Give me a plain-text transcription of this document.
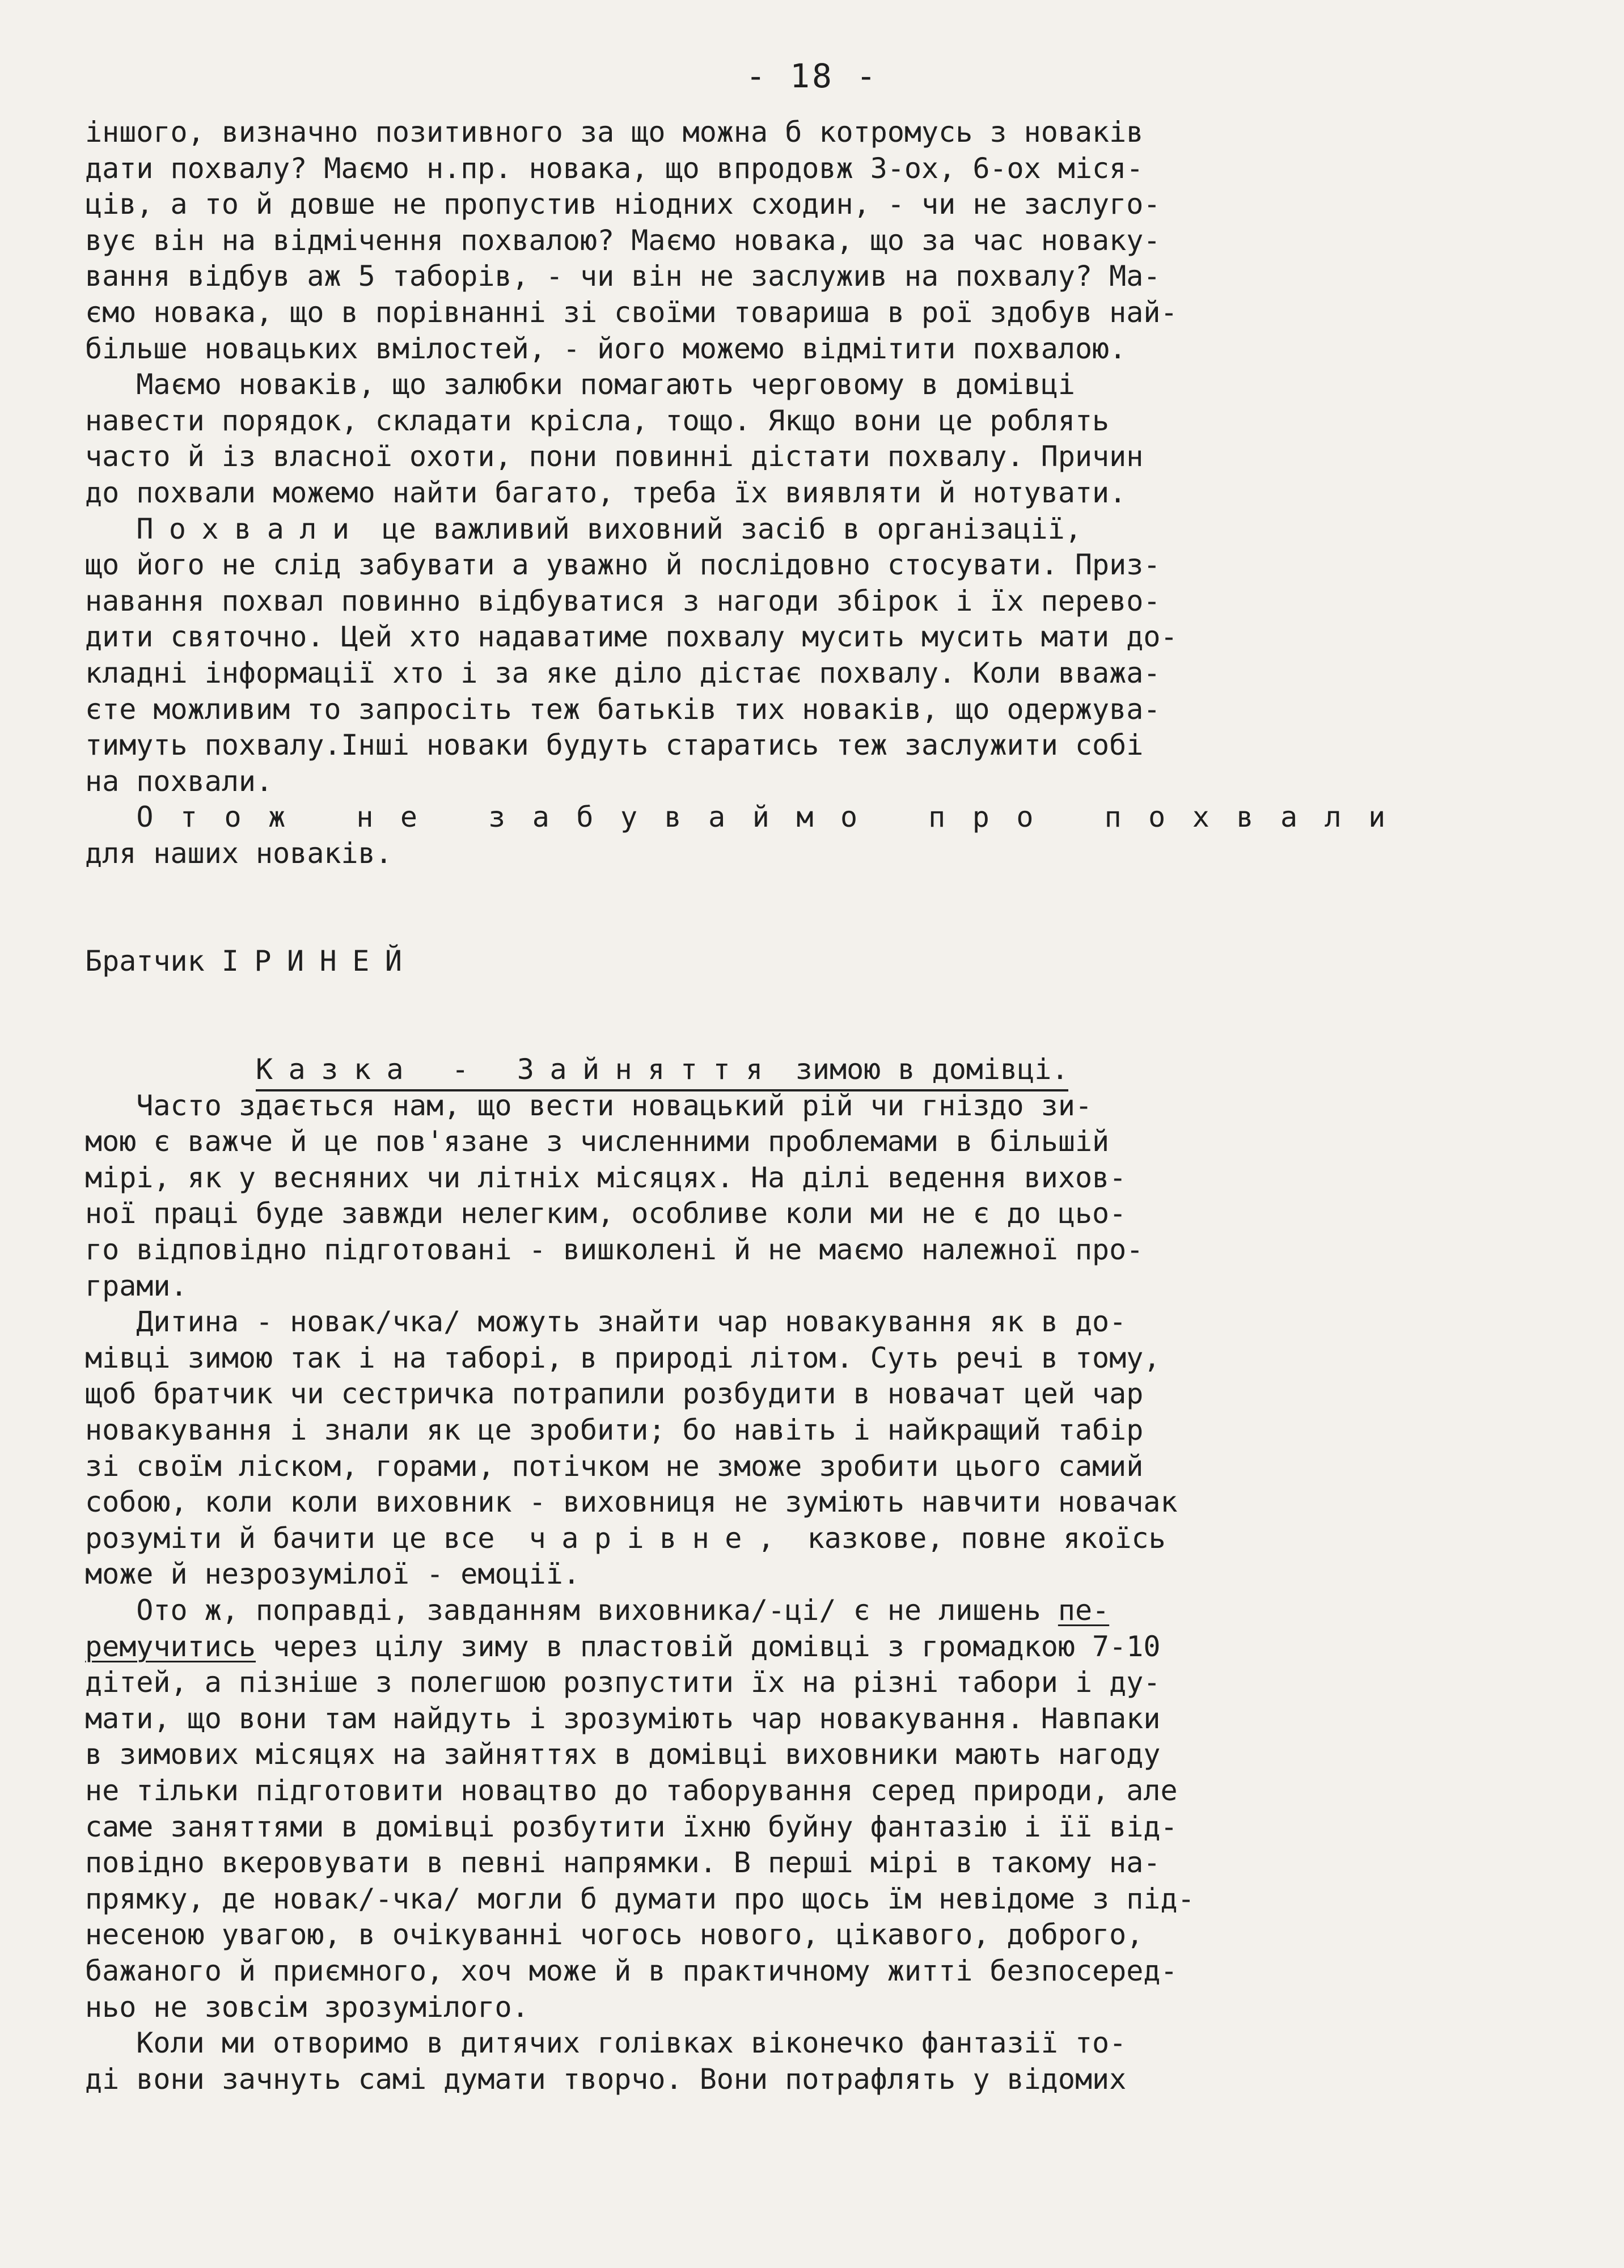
- 18 -
іншого, визначно позитивного за що можна б котромусь з новаків
дати похвалу? Маємо н.пр. новака, що впродовж 3-ох, 6-ох міся-
ців, а то й довше не пропустив ніодних сходин, - чи не заслуго-
вує він на відмічення похвалою? Маємо новака, що за час новаку-
вання відбув аж 5 таборів, - чи він не заслужив на похвалу? Ма-
ємо новака, що в порівнанні зі своїми товариша в рої здобув най-
більше новацьких вмілостей, - його можемо відмітити похвалою.
Маємо новаків, що залюбки помагають черговому в домівці
навести порядок, складати крісла, тощо. Якщо вони це роблять
часто й із власної охоти, пони повинні дістати похвалу. Причин
до похвали можемо найти багато, треба їх виявляти й нотувати.
Похвали це важливий виховний засіб в організації,
що його не слід забувати а уважно й послідовно стосувати. Приз-
навання похвал повинно відбуватися з нагоди збірок і їх перево-
дити святочно. Цей хто надаватиме похвалу мусить мусить мати до-
кладні інформації хто і за яке діло дістає похвалу. Коли вважа-
єте можливим то запросіть теж батьків тих новаків, що одержува-
тимуть похвалу.Інші новаки будуть старатись теж заслужити собі
на похвали.
Отож не забуваймо про похвали
для наших новаків.
Братчик ІРИНЕЙ
Казка - Зайняття зимою в домівці.
Часто здається нам, що вести новацький рій чи гніздо зи-
мою є важче й це пов'язане з численними проблемами в більшій
мірі, як у весняних чи літніх місяцях. На ділі ведення вихов-
ної праці буде завжди нелегким, особливе коли ми не є до цьо-
го відповідно підготовані - вишколені й не маємо належної про-
грами.
Дитина - новак/чка/ можуть знайти чар новакування як в до-
мівці зимою так і на таборі, в природі літом. Суть речі в тому,
щоб братчик чи сестричка потрапили розбудити в новачат цей чар
новакування і знали як це зробити; бо навіть і найкращий табір
зі своїм ліском, горами, потічком не зможе зробити цього самий
собою, коли коли виховник - виховниця не зуміють навчити новачак
розуміти й бачити це все  чарівне, казкове, повне якоїсь
може й незрозумілої - емоції.
Ото ж, поправді, завданням виховника/-ці/ є не лишень пе-
ремучитись через цілу зиму в пластовій домівці з громадкою 7-10
дітей, а пізніше з полегшою розпустити їх на різні табори і ду-
мати, що вони там найдуть і зрозуміють чар новакування. Навпаки
в зимових місяцях на зайняттях в домівці виховники мають нагоду
не тільки підготовити новацтво до таборування серед природи, але
саме заняттями в домівці розбутити їхню буйну фантазію і її від-
повідно вкеровувати в певні напрямки. В перші мірі в такому на-
прямку, де новак/-чка/ могли б думати про щось їм невідоме з під-
несеною увагою, в очікуванні чогось нового, цікавого, доброго,
бажаного й приємного, хоч може й в практичному житті безпосеред-
ньо не зовсім зрозумілого.
Коли ми отворимо в дитячих голівках віконечко фантазії то-
ді вони зачнуть самі думати творчо. Вони потрафлять у відомих
